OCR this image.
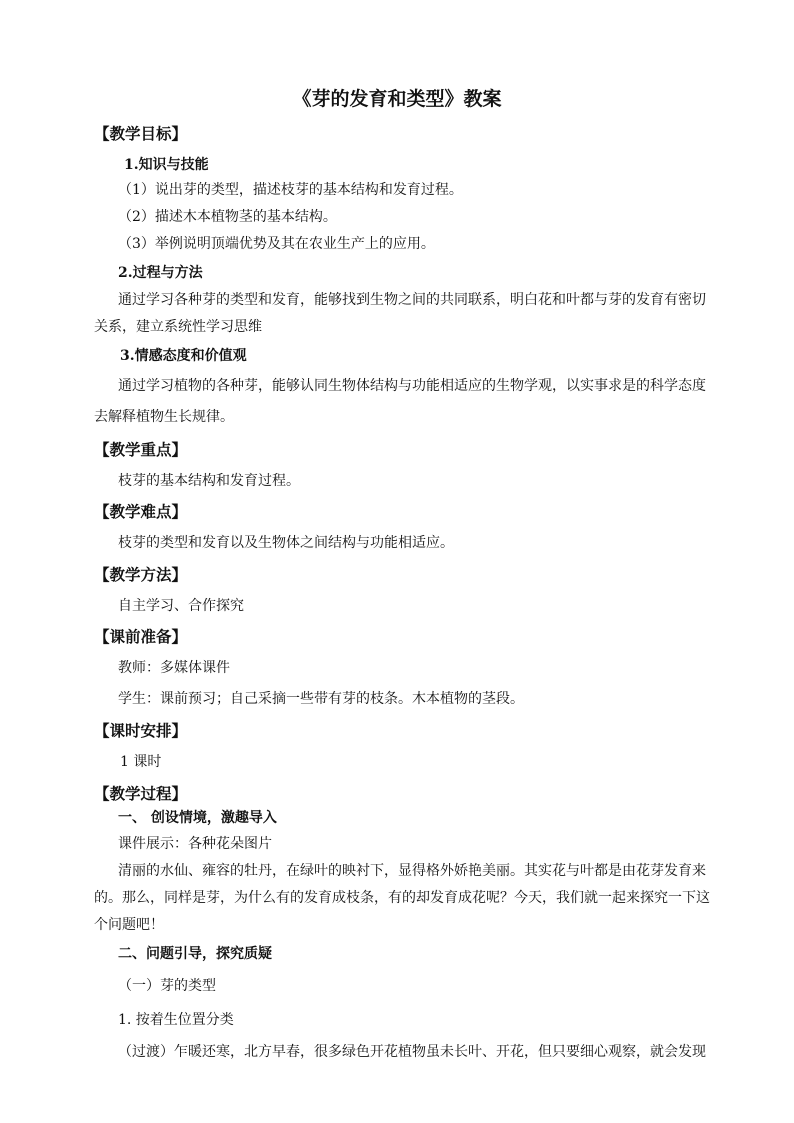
《芽的发育和类型》教案
【教学目标】
1.知识与技能
（1）说出芽的类型，描述枝芽的基本结构和发育过程。
（2）描述木本植物茎的基本结构。
（3）举例说明顶端优势及其在农业生产上的应用。
2.过程与方法
通过学习各种芽的类型和发育，能够找到生物之间的共同联系，明白花和叶都与芽的发育有密切
关系，建立系统性学习思维
3.情感态度和价值观
通过学习植物的各种芽，能够认同生物体结构与功能相适应的生物学观，以实事求是的科学态度
去解释植物生长规律。
【教学重点】
枝芽的基本结构和发育过程。
【教学难点】
枝芽的类型和发育以及生物体之间结构与功能相适应。
【教学方法】
自主学习、合作探究
【课前准备】
教师：多媒体课件
学生：课前预习；自己采摘一些带有芽的枝条。木本植物的茎段。
【课时安排】
1 课时
【教学过程】
一、 创设情境，激趣导入
课件展示：各种花朵图片
清丽的水仙、雍容的牡丹，在绿叶的映衬下，显得格外娇艳美丽。其实花与叶都是由花芽发育来
的。那么，同样是芽，为什么有的发育成枝条，有的却发育成花呢？今天，我们就一起来探究一下这
个问题吧！
二、问题引导，探究质疑
（一）芽的类型
1. 按着生位置分类
（过渡）乍暖还寒，北方早春，很多绿色开花植物虽未长叶、开花，但只要细心观察，就会发现
